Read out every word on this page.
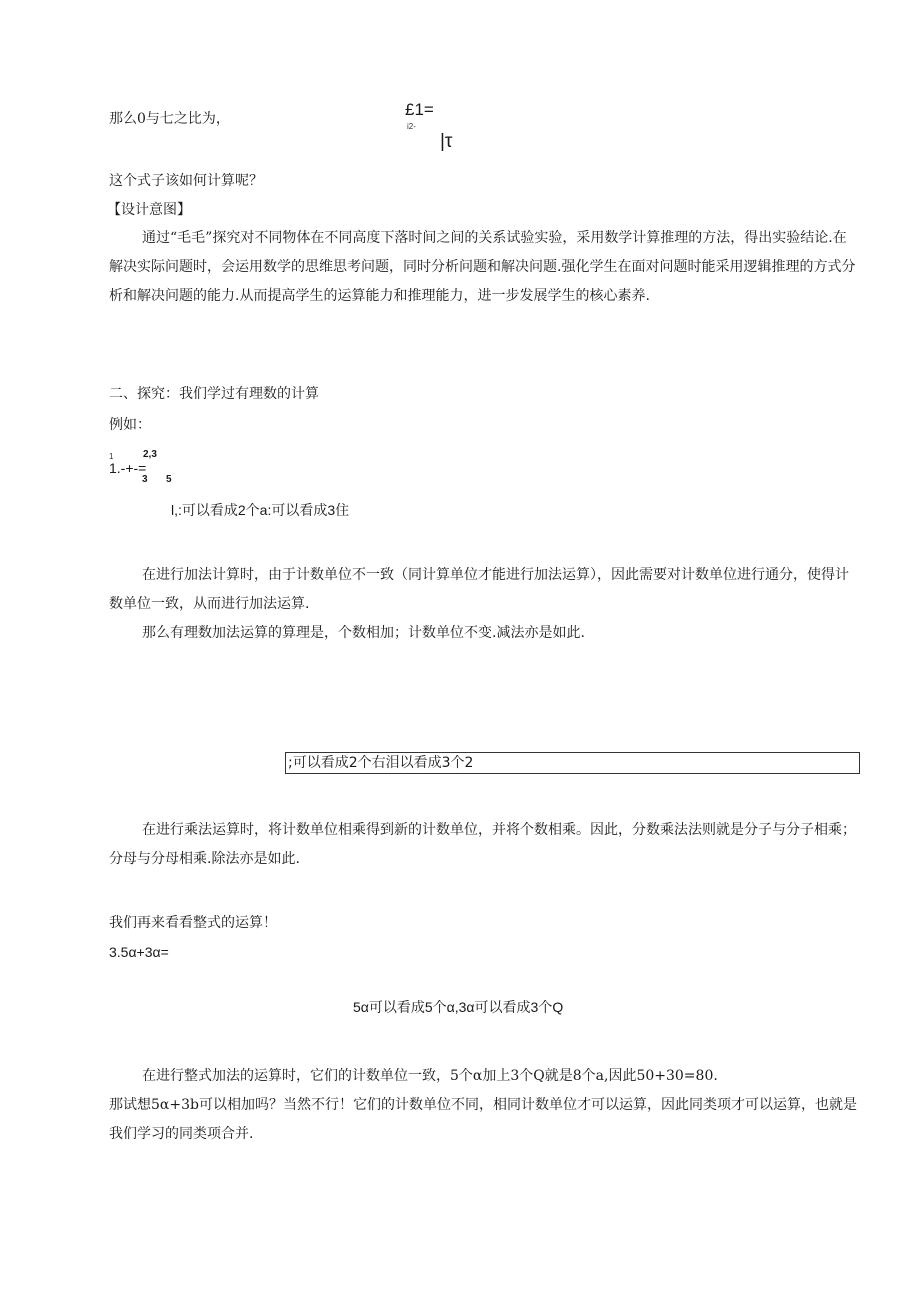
那么0与七之比为，	£1=
i2-
|τ
这个式子该如何计算呢？
【设计意图】

通过“毛毛”探究对不同物体在不同高度下落时间之间的关系试验实验，采用数学计算推理的方法，得出实验结论.在解决实际问题时，会运用数学的思维思考问题，同时分析问题和解决问题.强化学生在面对问题时能采用逻辑推理的方式分析和解决问题的能力.从而提高学生的运算能力和推理能力，进一步发展学生的核心素养.

二、探究：我们学过有理数的计算
例如：
1
1.-+-=
2,3
3 5
l,:可以看成2个a:可以看成3住

在进行加法计算时，由于计数单位不一致（同计算单位才能进行加法运算），因此需要对计数单位进行通分，使得计数单位一致，从而进行加法运算.

那么有理数加法运算的算理是，个数相加；计数单位不变.减法亦是如此.

;可以看成2个右泪以看成3个2

在进行乘法运算时，将计数单位相乘得到新的计数单位，并将个数相乘。因此，分数乘法法则就是分子与分子相乘；分母与分母相乘.除法亦是如此.

我们再来看看整式的运算！
3.5α+3α=
5α可以看成5个α,3α可以看成3个Q

在进行整式加法的运算时，它们的计数单位一致，5个α加上3个Q就是8个a,因此50+30=80.

那试想5α+3b可以相加吗？当然不行！它们的计数单位不同，相同计数单位才可以运算，因此同类项才可以运算，也就是我们学习的同类项合并.
